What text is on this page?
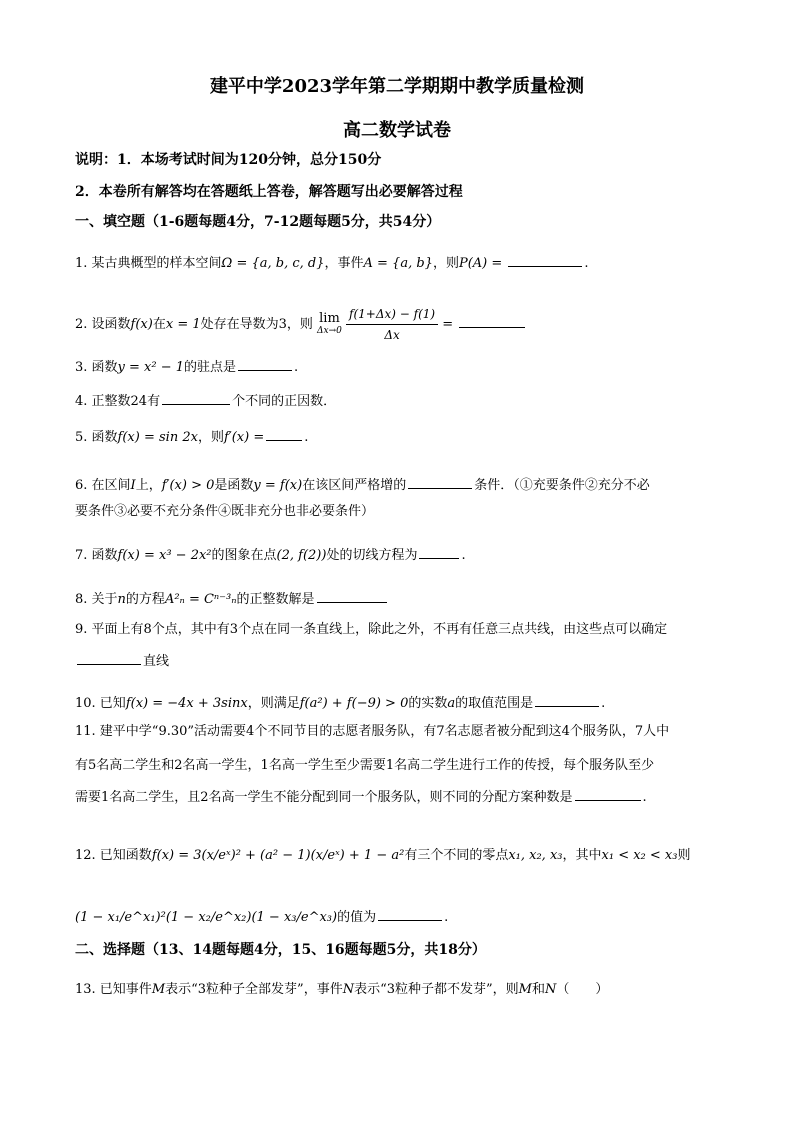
建平中学2023学年第二学期期中教学质量检测
高二数学试卷
说明：1．本场考试时间为120分钟，总分150分
2．本卷所有解答均在答题纸上答卷，解答题写出必要解答过程
一、填空题（1-6题每题4分，7-12题每题5分，共54分）
1. 某古典概型的样本空间Ω = {a, b, c, d}，事件A = {a, b}，则P(A) =	.
2. 设函数f(x)在x = 1处存在导数为3，则 lim
Δx→0
$\frac{f(1+\Delta x) - f(1)}{\Delta x}$ =
3. 函数y = x² − 1的驻点是	.
4. 正整数24有	个不同的正因数．
5. 函数f(x) = sin 2x，则f′(x) =	.
6. 在区间I上，f′(x) > 0是函数y = f(x)在该区间严格增的	条件．（①充要条件②充分不必
要条件③必要不充分条件④既非充分也非必要条件）
7. 函数f(x) = x³ − 2x²的图象在点(2, f(2))处的切线方程为	.
8. 关于n的方程A²ₙ = Cⁿ⁻³ₙ的正整数解是
9. 平面上有8个点，其中有3个点在同一条直线上，除此之外，不再有任意三点共线，由这些点可以确定
直线
10. 已知f(x) = −4x + 3sinx，则满足f(a²) + f(−9) > 0的实数a的取值范围是	.
11. 建平中学“9.30”活动需要4个不同节目的志愿者服务队，有7名志愿者被分配到这4个服务队，7人中
有5名高二学生和2名高一学生，1名高一学生至少需要1名高二学生进行工作的传授，每个服务队至少
需要1名高二学生，且2名高一学生不能分配到同一个服务队，则不同的分配方案种数是	.
12. 已知函数f(x) = 3(x/eˣ)² + (a² − 1)(x/eˣ) + 1 − a²有三个不同的零点x₁, x₂, x₃，其中x₁ < x₂ < x₃则
(1 − x₁/e^x₁)²(1 − x₂/e^x₂)(1 − x₃/e^x₃)的值为	.
二、选择题（13、14题每题4分，15、16题每题5分，共18分）
13. 已知事件M表示“3粒种子全部发芽”，事件N表示“3粒种子都不发芽”，则M和N（　　）
